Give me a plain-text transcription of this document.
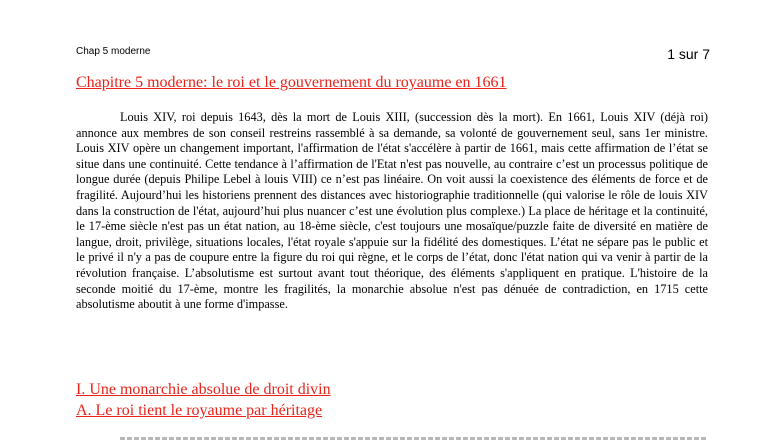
Chap 5 moderne	1 sur 7
Chapitre 5 moderne: le roi et le gouvernement du royaume en 1661

Louis XIV, roi depuis 1643, dès la mort de Louis XIII, (succession dès la mort). En 1661, Louis XIV (déjà roi) annonce aux membres de son conseil restreins rassemblé à sa demande, sa volonté de gouvernement seul, sans 1er ministre. Louis XIV opère un changement important, l'affirmation de l'état s'accélère à partir de 1661, mais cette affirmation de l’état se situe dans une continuité. Cette tendance à l’affirmation de l'Etat n'est pas nouvelle, au contraire c’est un processus politique de longue durée (depuis Philipe Lebel à louis VIII) ce n’est pas linéaire. On voit aussi la coexistence des éléments de force et de fragilité. Aujourd’hui les historiens prennent des distances avec historiographie traditionnelle (qui valorise le rôle de louis XIV dans la construction de l'état, aujourd’hui plus nuancer c’est une évolution plus complexe.) La place de héritage et la continuité, le 17-ème siècle n'est pas un état nation, au 18-ème siècle, c'est toujours une mosaïque/puzzle faite de diversité en matière de langue, droit, privilège, situations locales, l'état royale s'appuie sur la fidélité des domestiques. L’état ne sépare pas le public et le privé il n'y a pas de coupure entre la figure du roi qui règne, et le corps de l’état, donc l'état nation qui va venir à partir de la révolution française. L’absolutisme est surtout avant tout théorique, des éléments s'appliquent en pratique. L'histoire de la seconde moitié du 17-ème, montre les fragilités, la monarchie absolue n'est pas dénuée de contradiction, en 1715 cette absolutisme aboutit à une forme d'impasse.

I. Une monarchie absolue de droit divin
A. Le roi tient le royaume par héritage
